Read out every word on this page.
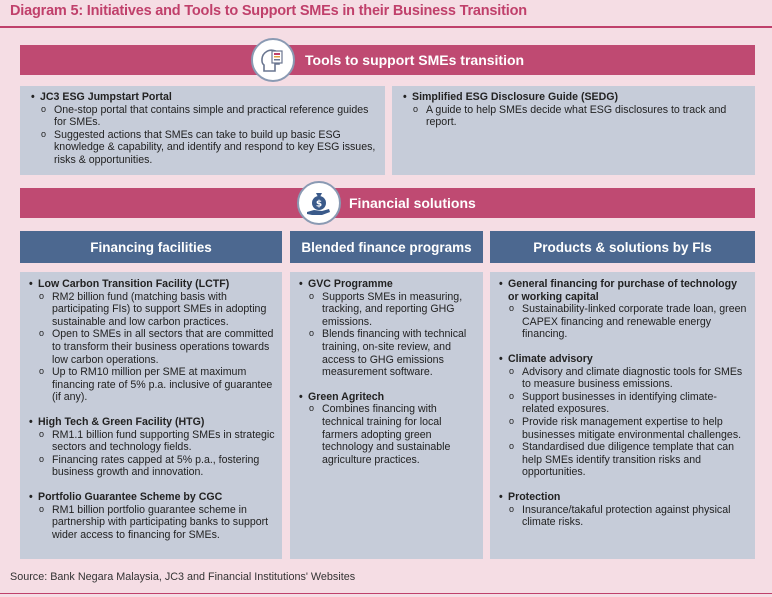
Diagram 5: Initiatives and Tools to Support SMEs in their Business Transition
Tools to support SMEs transition
• JC3 ESG Jumpstart Portal
o One-stop portal that contains simple and practical reference guides for SMEs.
o Suggested actions that SMEs can take to build up basic ESG knowledge & capability, and identify and respond to key ESG issues, risks & opportunities.
• Simplified ESG Disclosure Guide (SEDG)
o A guide to help SMEs decide what ESG disclosures to track and report.
Financial solutions
$
Financing facilities	Blended finance programs	Products & solutions by FIs
• Low Carbon Transition Facility (LCTF)
o RM2 billion fund (matching basis with participating FIs) to support SMEs in adopting sustainable and low carbon practices.
o Open to SMEs in all sectors that are committed to transform their business operations towards low carbon operations.
o Up to RM10 million per SME at maximum financing rate of 5% p.a. inclusive of guarantee (if any).
• High Tech & Green Facility (HTG)
o RM1.1 billion fund supporting SMEs in strategic sectors and technology fields.
o Financing rates capped at 5% p.a., fostering business growth and innovation.
• Portfolio Guarantee Scheme by CGC
o RM1 billion portfolio guarantee scheme in partnership with participating banks to support wider access to financing for SMEs.
• GVC Programme
o Supports SMEs in measuring, tracking, and reporting GHG emissions.
o Blends financing with technical training, on-site review, and access to GHG emissions measurement software.
• Green Agritech
o Combines financing with technical training for local farmers adopting green technology and sustainable agriculture practices.
• General financing for purchase of technology or working capital
o Sustainability-linked corporate trade loan, green CAPEX financing and renewable energy financing.
• Climate advisory
o Advisory and climate diagnostic tools for SMEs to measure business emissions.
o Support businesses in identifying climate-related exposures.
o Provide risk management expertise to help businesses mitigate environmental challenges.
o Standardised due diligence template that can help SMEs identify transition risks and opportunities.
• Protection
o Insurance/takaful protection against physical climate risks.
Source: Bank Negara Malaysia, JC3 and Financial Institutions' Websites
